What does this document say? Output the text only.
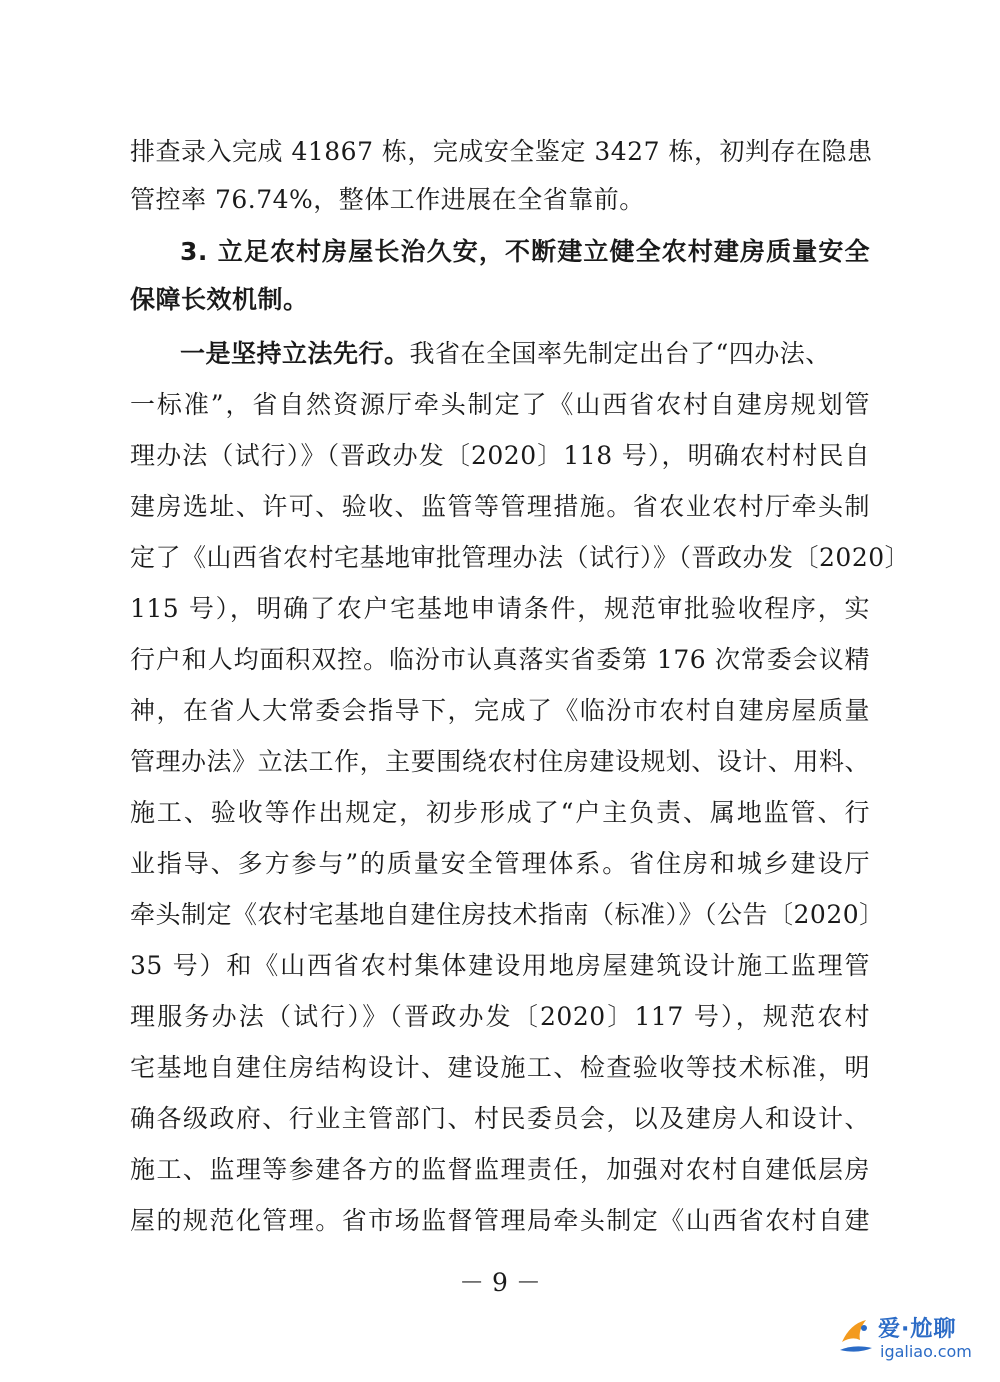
排查录入完成 41867 栋，完成安全鉴定 3427 栋，初判存在隐患
管控率 76.74%，整体工作进展在全省靠前。
3. 立足农村房屋长治久安，不断建立健全农村建房质量安全
保障长效机制。
一是坚持立法先行。我省在全国率先制定出台了“四办法、
一标准”，省自然资源厅牵头制定了《山西省农村自建房规划管
理办法（试行）》（晋政办发〔2020〕118 号），明确农村村民自
建房选址、许可、验收、监管等管理措施。省农业农村厅牵头制
定了《山西省农村宅基地审批管理办法（试行）》（晋政办发〔2020〕
115 号），明确了农户宅基地申请条件，规范审批验收程序，实
行户和人均面积双控。临汾市认真落实省委第 176 次常委会议精
神，在省人大常委会指导下，完成了《临汾市农村自建房屋质量
管理办法》立法工作，主要围绕农村住房建设规划、设计、用料、
施工、验收等作出规定，初步形成了“户主负责、属地监管、行
业指导、多方参与”的质量安全管理体系。省住房和城乡建设厅
牵头制定《农村宅基地自建住房技术指南（标准）》（公告〔2020〕
35 号）和《山西省农村集体建设用地房屋建筑设计施工监理管
理服务办法（试行）》（晋政办发〔2020〕117 号），规范农村
宅基地自建住房结构设计、建设施工、检查验收等技术标准，明
确各级政府、行业主管部门、村民委员会，以及建房人和设计、
施工、监理等参建各方的监督监理责任，加强对农村自建低层房
屋的规范化管理。省市场监督管理局牵头制定《山西省农村自建
－ 9 －
爱·尬聊
igaliao.com
